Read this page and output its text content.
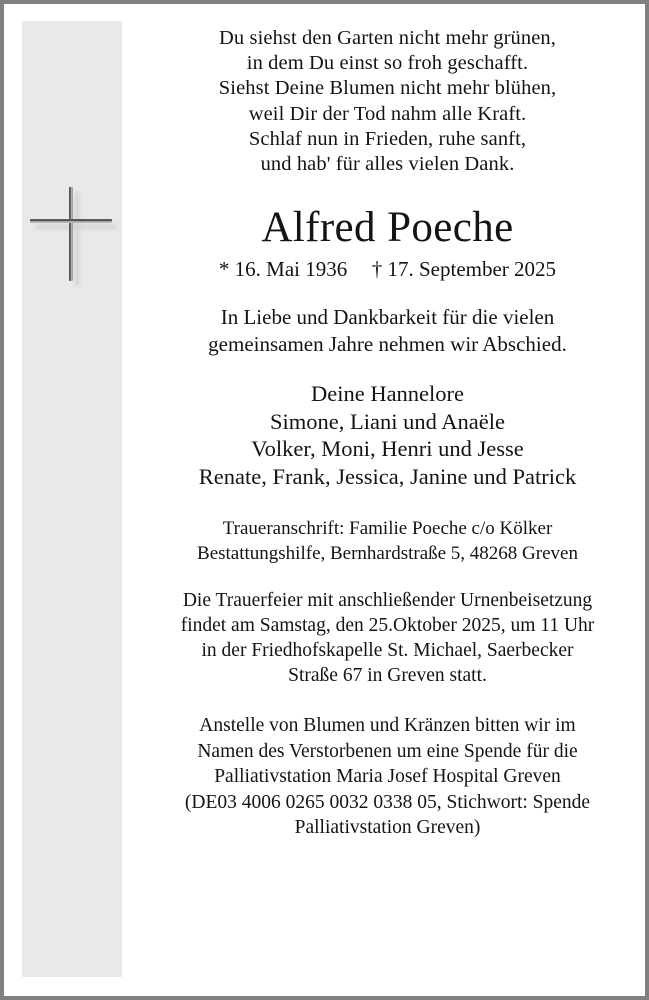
Du siehst den Garten nicht mehr grünen,
in dem Du einst so froh geschafft.
Siehst Deine Blumen nicht mehr blühen,
weil Dir der Tod nahm alle Kraft.
Schlaf nun in Frieden, ruhe sanft,
und hab' für alles vielen Dank.
Alfred Poeche
* 16. Mai 1936 † 17. September 2025
In Liebe und Dankbarkeit für die vielen
gemeinsamen Jahre nehmen wir Abschied.
Deine Hannelore
Simone, Liani und Anaële
Volker, Moni, Henri und Jesse
Renate, Frank, Jessica, Janine und Patrick
Traueranschrift: Familie Poeche c/o Kölker
Bestattungshilfe, Bernhardstraße 5, 48268 Greven
Die Trauerfeier mit anschließender Urnenbeisetzung
findet am Samstag, den 25.Oktober 2025, um 11 Uhr
in der Friedhofskapelle St. Michael, Saerbecker
Straße 67 in Greven statt.
Anstelle von Blumen und Kränzen bitten wir im
Namen des Verstorbenen um eine Spende für die
Palliativstation Maria Josef Hospital Greven
(DE03 4006 0265 0032 0338 05, Stichwort: Spende
Palliativstation Greven)
